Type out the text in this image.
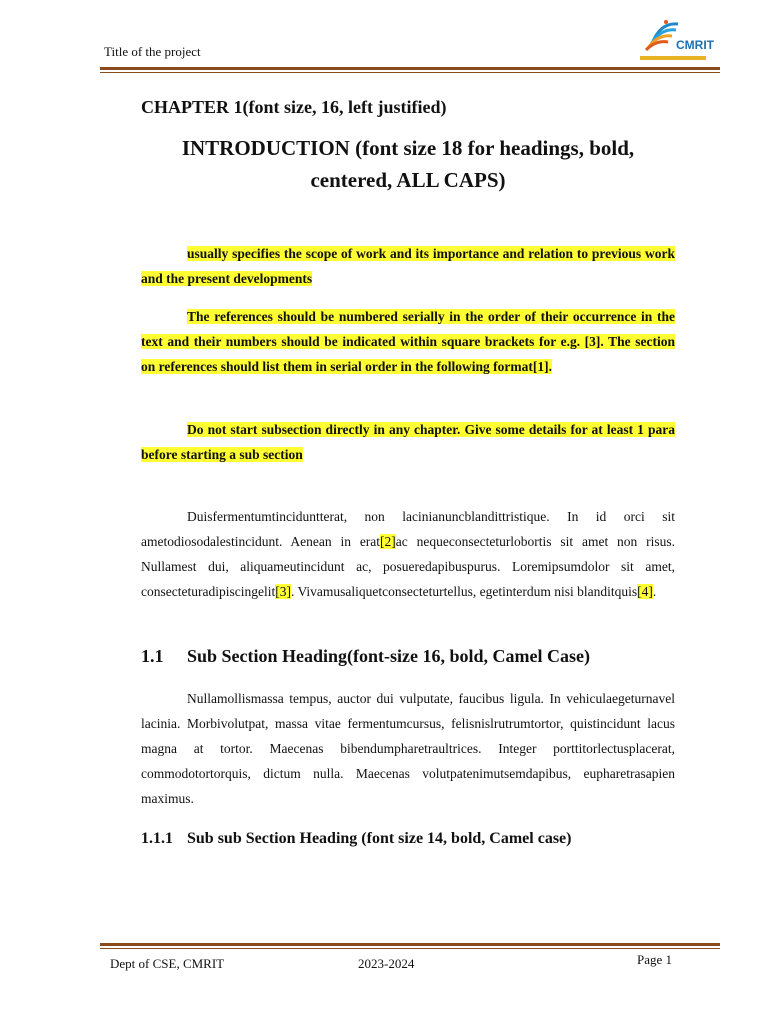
Title of the project	CMRIT
CHAPTER 1(font size, 16, left justified)
INTRODUCTION (font size 18 for headings, bold, centered, ALL CAPS)

usually specifies the scope of work and its importance and relation to previous work and the present developments

The references should be numbered serially in the order of their occurrence in the text and their numbers should be indicated within square brackets for e.g. [3]. The section on references should list them in serial order in the following format[1].

Do not start subsection directly in any chapter. Give some details for at least 1 para before starting a sub section

Duisfermentumtinciduntterat, non lacinianuncblandittristique. In id orci sit ametodiosodalestincidunt. Aenean in erat[2]ac nequeconsecteturlobortis sit amet non risus. Nullamest dui, aliquameutincidunt ac, posueredapibuspurus. Loremipsumdolor sit amet, consecteturadipiscingelit[3]. Vivamusaliquetconsecteturtellus, egetinterdum nisi blanditquis[4].

1.1 Sub Section Heading(font-size 16, bold, Camel Case)

Nullamollismassa tempus, auctor dui vulputate, faucibus ligula. In vehiculaegeturnavel lacinia. Morbivolutpat, massa vitae fermentumcursus, felisnislrutrumtortor, quistincidunt lacus magna at tortor. Maecenas bibendumpharetraultrices. Integer porttitorlectusplacerat, commodotortorquis, dictum nulla. Maecenas volutpatenimutsemdapibus, eupharetrasapien maximus.

1.1.1 Sub sub Section Heading (font size 14, bold, Camel case)
Dept of CSE, CMRIT	2023-2024	Page 1
